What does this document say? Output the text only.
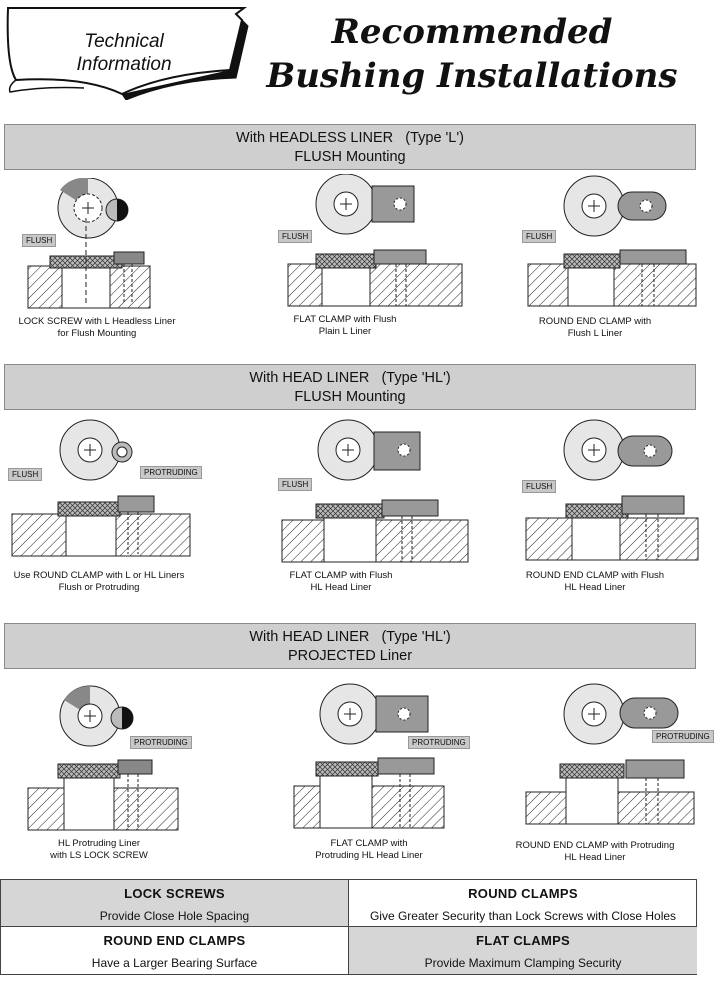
Technical
Information
Recommended
Bushing Installations
With HEADLESS LINER (Type 'L')
FLUSH Mounting
With HEAD LINER (Type 'HL')
FLUSH Mounting
With HEAD LINER (Type 'HL')
PROJECTED Liner
FLUSH
LOCK SCREW with L Headless Liner
for Flush Mounting
FLUSH
FLAT CLAMP with Flush
Plain L Liner
FLUSH
ROUND END CLAMP with
Flush L Liner
FLUSH	PROTRUDING
Use ROUND CLAMP with L or HL Liners
Flush or Protruding
FLUSH
FLAT CLAMP with Flush
HL Head Liner
FLUSH
ROUND END CLAMP with Flush
HL Head Liner
PROTRUDING
HL Protruding Liner
with LS LOCK SCREW
PROTRUDING
FLAT CLAMP with
Protruding HL Head Liner
PROTRUDING
ROUND END CLAMP with Protruding
HL Head Liner
LOCK SCREWS
Provide Close Hole Spacing
ROUND CLAMPS
Give Greater Security than Lock Screws with Close Holes
ROUND END CLAMPS
Have a Larger Bearing Surface
FLAT CLAMPS
Provide Maximum Clamping Security
